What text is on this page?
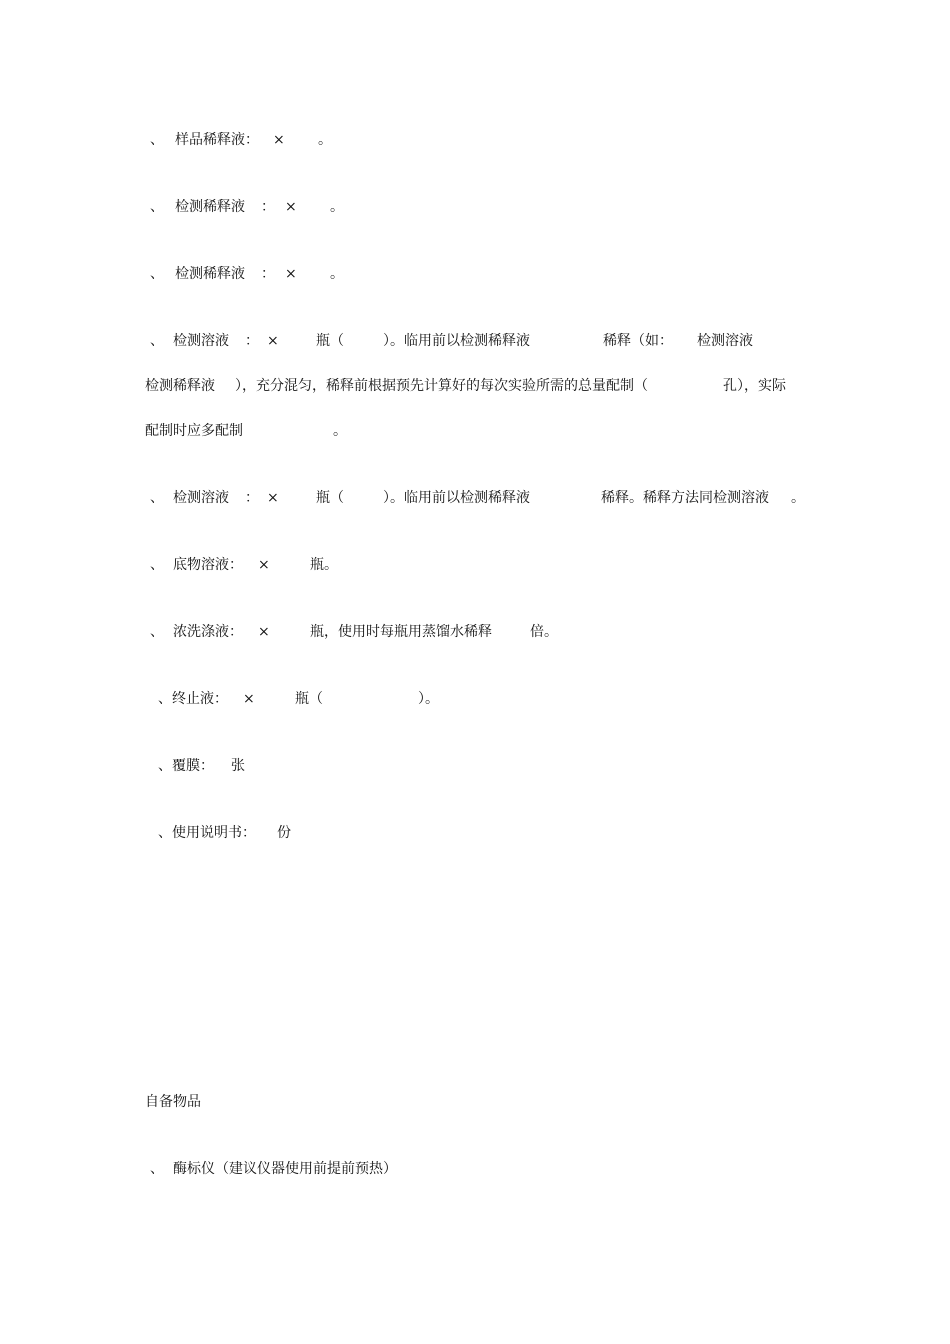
、

样品稀释液：

×

。

、

检测稀释液

：

×

。

、

检测稀释液

：

×

。

、

检测溶液

：

×

	瓶（

	）。临用前以检测稀释液

	稀释（如：

检测溶液

检测稀释液

），充分混匀，稀释前根据预先计算好的每次实验所需的总量配制（

	孔），实际

配制时应多配制

	。

、

检测溶液

：

×

	瓶（

	）。临用前以检测稀释液

	稀释。稀释方法同检测溶液

。

、

底物溶液：

×

	瓶。

、

浓洗涤液：

×

	瓶，使用时每瓶用蒸馏水稀释

	倍。

、终止液：

×

	瓶（

	）。

、覆膜：

张

、使用说明书：

份

自备物品

、

酶标仪（建议仪器使用前提前预热）
